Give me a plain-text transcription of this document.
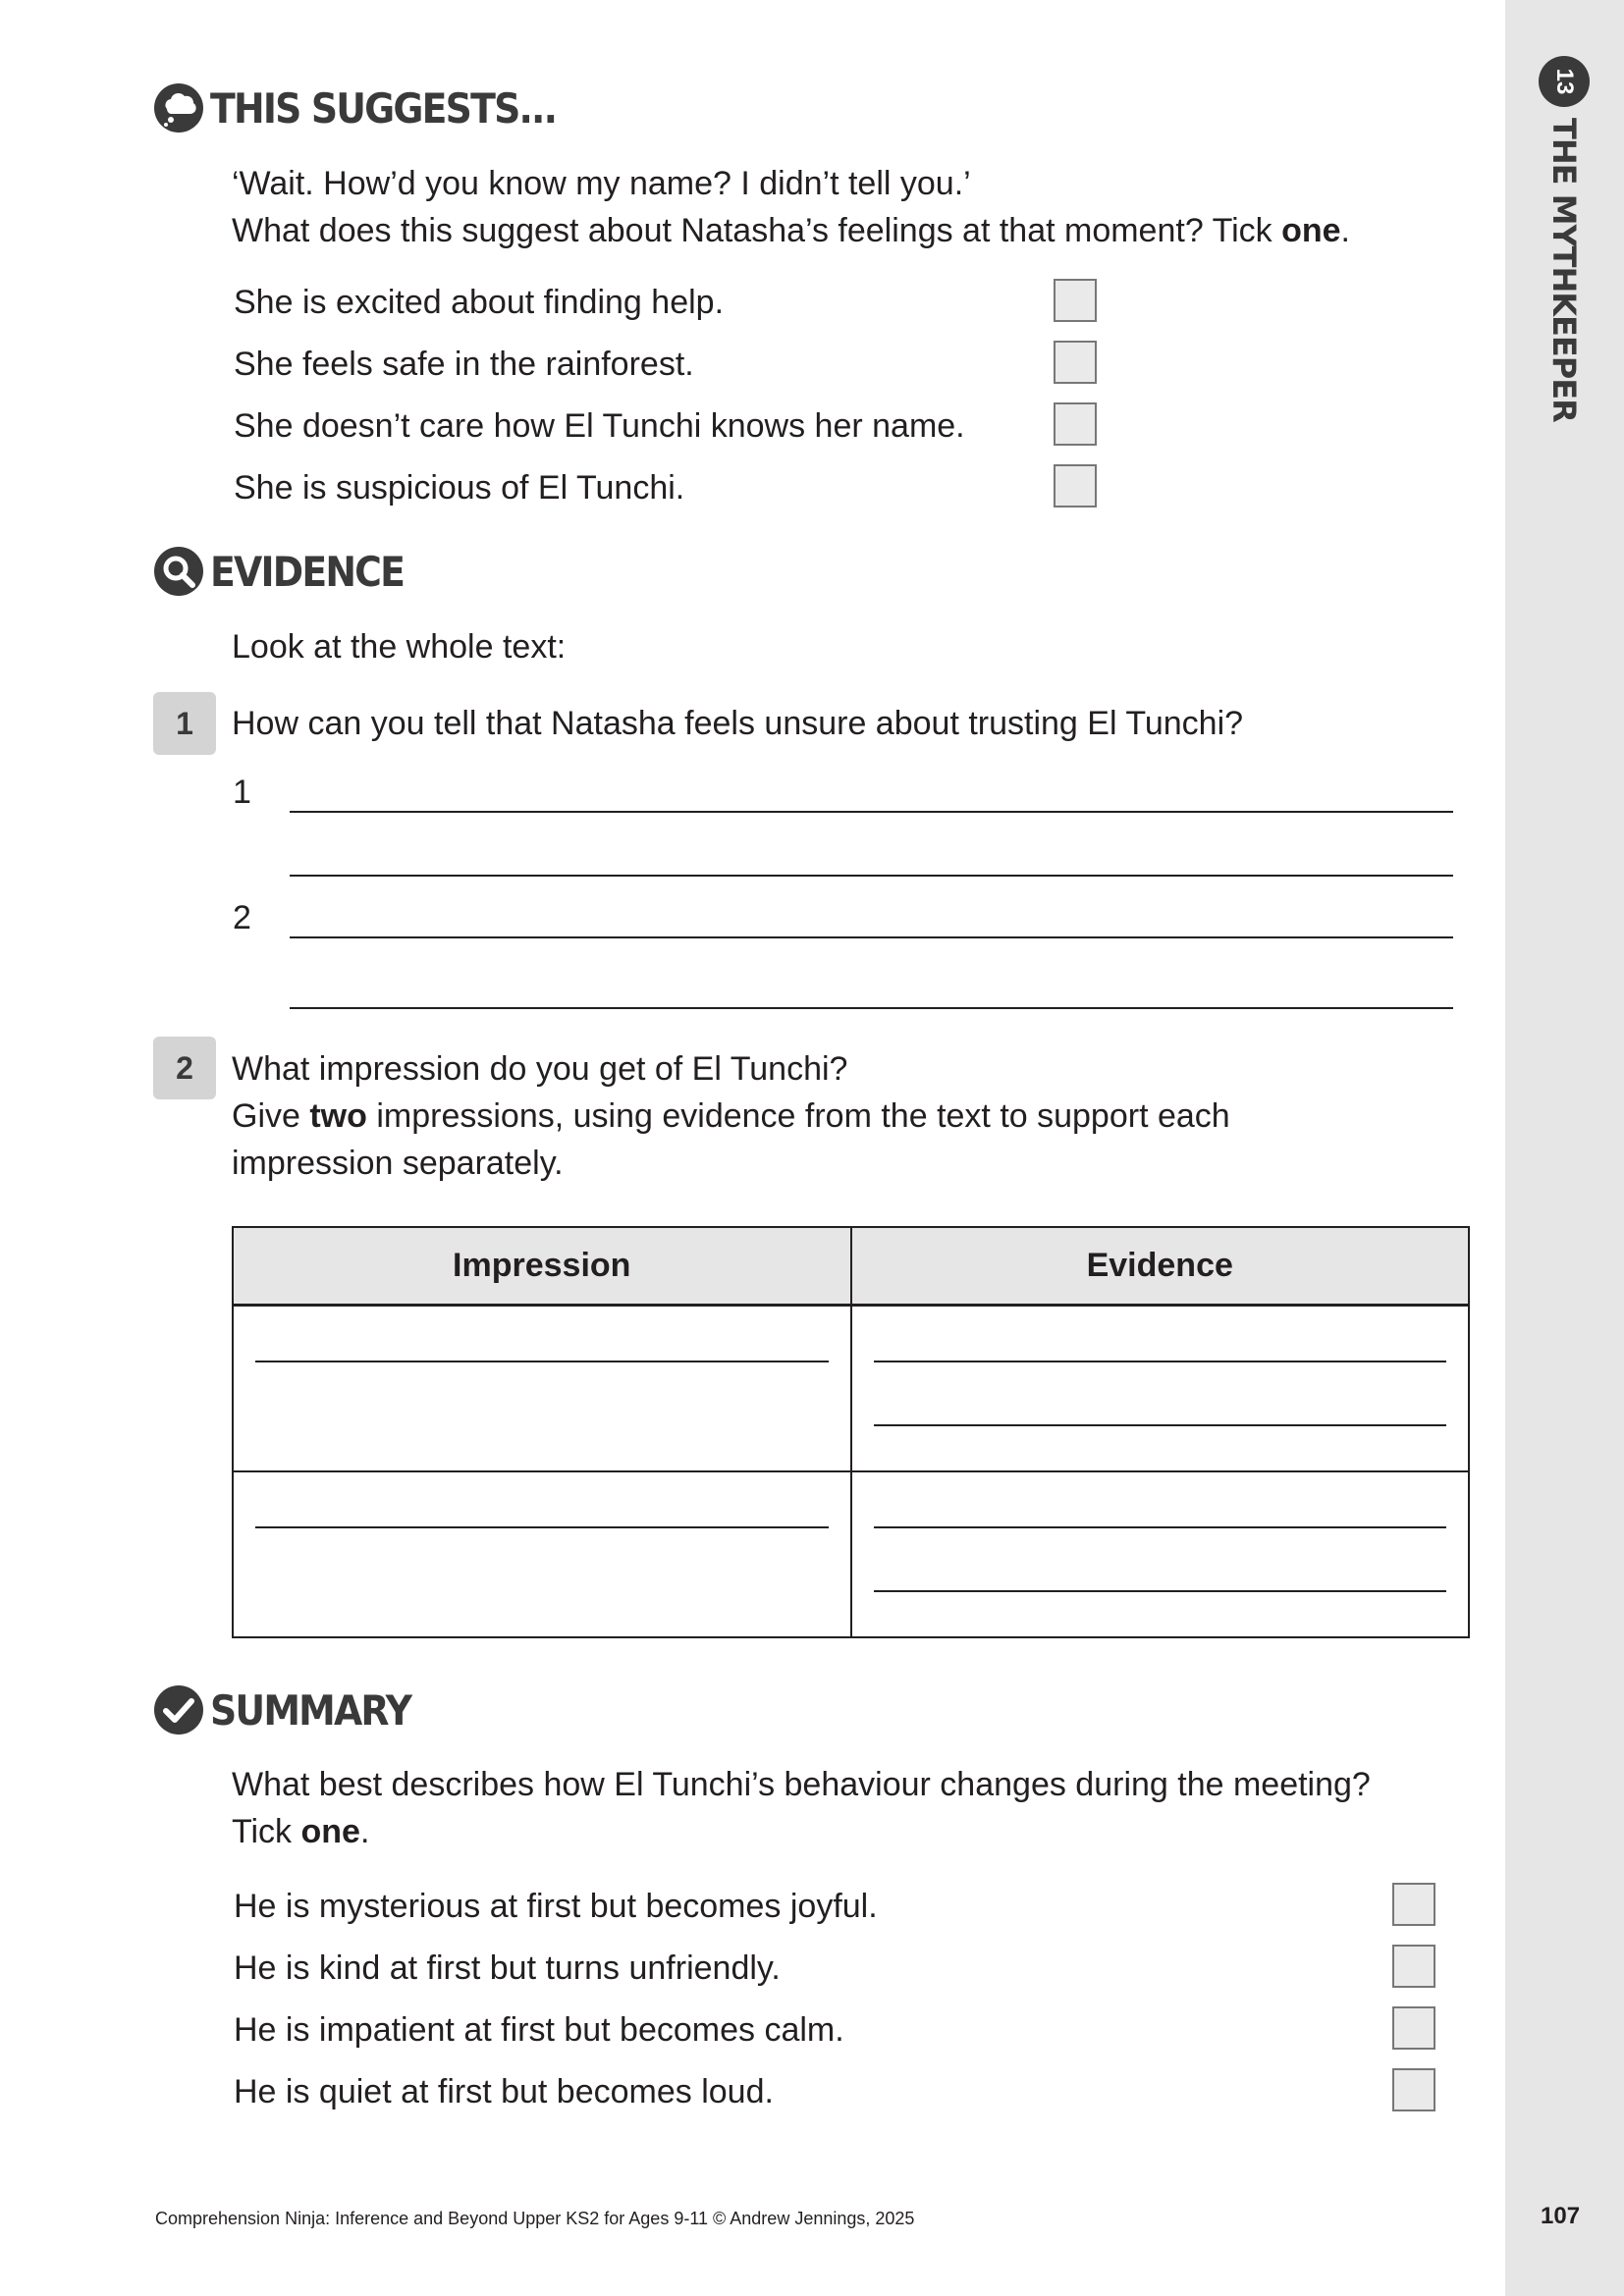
13
THE MYTHKEEPER
THIS SUGGESTS...
‘Wait. How’d you know my name? I didn’t tell you.’
What does this suggest about Natasha’s feelings at that moment? Tick one.
She is excited about finding help.
She feels safe in the rainforest.
She doesn’t care how El Tunchi knows her name.
She is suspicious of El Tunchi.
EVIDENCE
Look at the whole text:
1	How can you tell that Natasha feels unsure about trusting El Tunchi?
1
2
2	What impression do you get of El Tunchi?
Give two impressions, using evidence from the text to support each
impression separately.
Impression	Evidence

SUMMARY
What best describes how El Tunchi’s behaviour changes during the meeting?
Tick one.
He is mysterious at first but becomes joyful.
He is kind at first but turns unfriendly.
He is impatient at first but becomes calm.
He is quiet at first but becomes loud.
Comprehension Ninja: Inference and Beyond Upper KS2 for Ages 9-11 © Andrew Jennings, 2025	107
